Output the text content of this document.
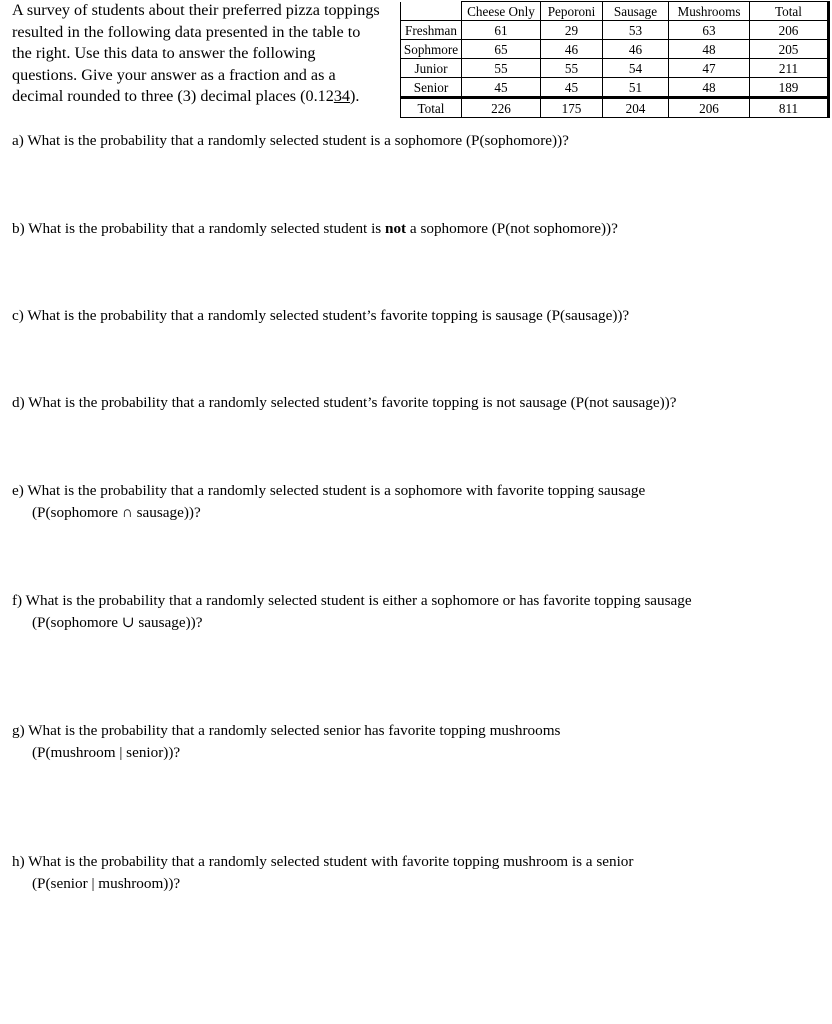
A survey of students about their preferred pizza toppings resulted in the following data presented in the table to the right. Use this data to answer the following questions. Give your answer as a fraction and as a decimal rounded to three (3) decimal places (0.1234).

	Cheese Only	Peporoni	Sausage	Mushrooms	Total
Freshman	61	29	53	63	206
Sophmore	65	46	46	48	205
Junior	55	55	54	47	211
Senior	45	45	51	48	189
Total	226	175	204	206	811

a) What is the probability that a randomly selected student is a sophomore (P(sophomore))?

b) What is the probability that a randomly selected student is not a sophomore (P(not sophomore))?

c) What is the probability that a randomly selected student’s favorite topping is sausage (P(sausage))?

d) What is the probability that a randomly selected student’s favorite topping is not sausage (P(not sausage))?

e) What is the probability that a randomly selected student is a sophomore with favorite topping sausage
(P(sophomore ∩ sausage))?

f) What is the probability that a randomly selected student is either a sophomore or has favorite topping sausage
(P(sophomore ∪ sausage))?

g) What is the probability that a randomly selected senior has favorite topping mushrooms
(P(mushroom | senior))?

h) What is the probability that a randomly selected student with favorite topping mushroom is a senior
(P(senior | mushroom))?
